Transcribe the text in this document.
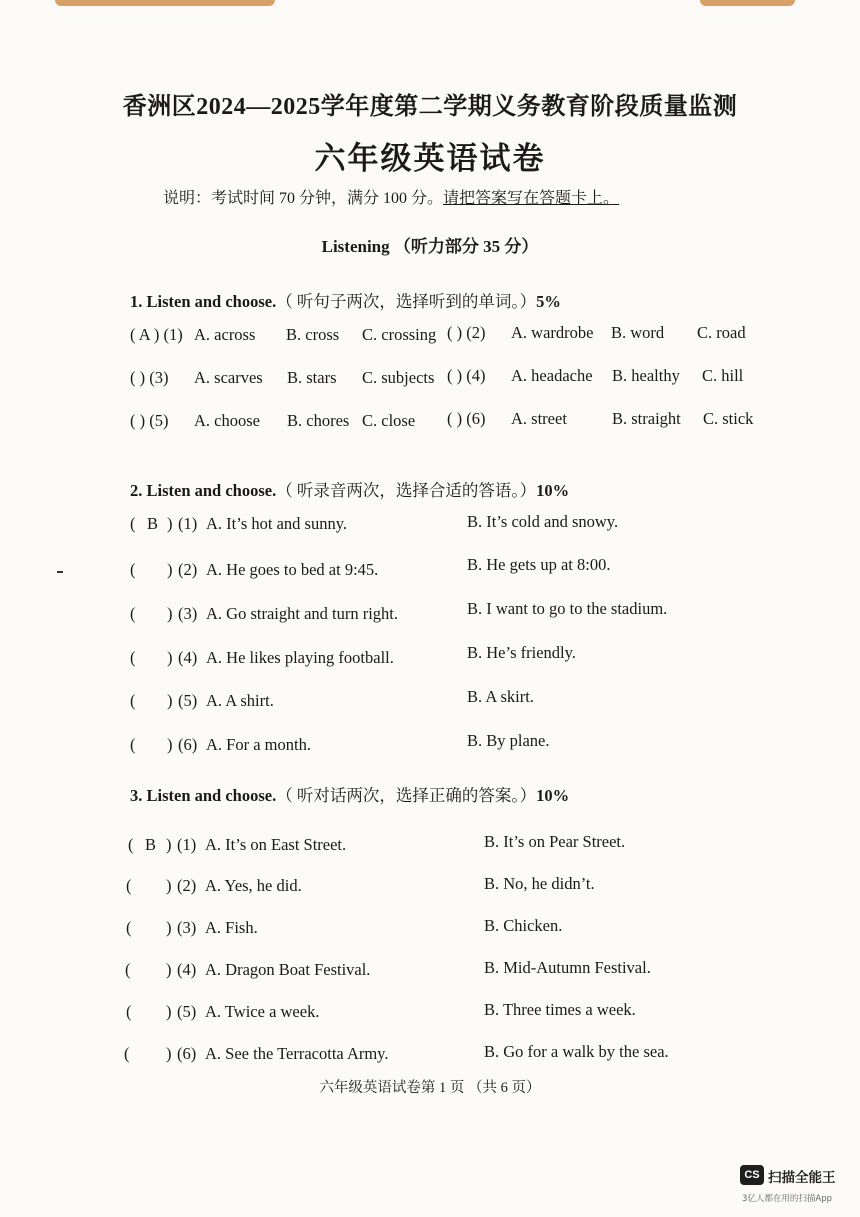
香洲区2024—2025学年度第二学期义务教育阶段质量监测
六年级英语试卷
说明：考试时间 70 分钟，满分 100 分。请把答案写在答题卡上。
Listening （听力部分 35 分）
1. Listen and choose.（ 听句子两次，选择听到的单词。）5%
( A ) (1) A. across B. cross C. crossing ( ) (2) A. wardrobe B. word C. road
( ) (3) A. scarves B. stars C. subjects ( ) (4) A. headache B. healthy C. hill
( ) (5) A. choose B. chores C. close ( ) (6) A. street	B. straight C. stick
2. Listen and choose.（ 听录音两次，选择合适的答语。）10%
( B ) (1) A. It’s hot and sunny.	B. It’s cold and snowy.
( ) (2) A. He goes to bed at 9:45.	B. He gets up at 8:00.
( ) (3) A. Go straight and turn right.	B. I want to go to the stadium.
( ) (4) A. He likes playing football.	B. He’s friendly.
( ) (5) A. A shirt.	B. A skirt.
( ) (6) A. For a month.	B. By plane.
3. Listen and choose.（ 听对话两次，选择正确的答案。）10%
( B ) (1) A. It’s on East Street.	B. It’s on Pear Street.
( ) (2) A. Yes, he did.	B. No, he didn’t.
( ) (3) A. Fish.	B. Chicken.
( ) (4) A. Dragon Boat Festival.	B. Mid-Autumn Festival.
( ) (5) A. Twice a week.	B. Three times a week.
( ) (6) A. See the Terracotta Army.	B. Go for a walk by the sea.
六年级英语试卷第 1 页 （共 6 页）
CS 扫描全能王
3亿人都在用的扫描App
